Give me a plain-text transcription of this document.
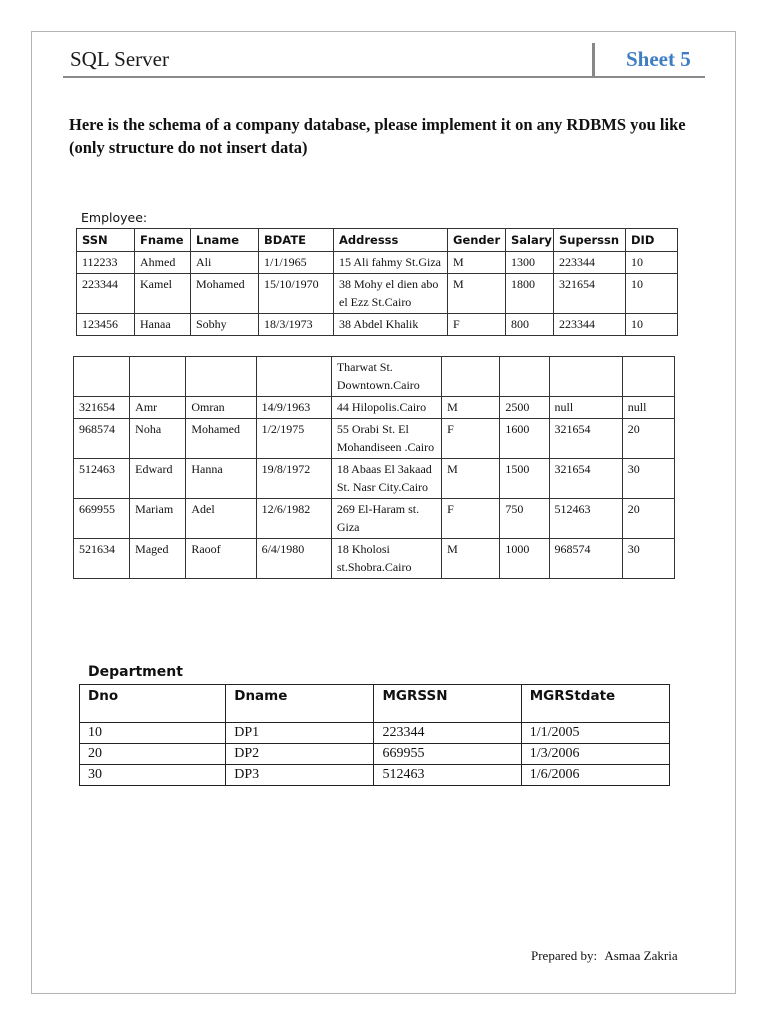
SQL Server	Sheet 5
Here is the schema of a company database, please implement it on any RDBMS you like (only structure do not insert data)
Employee:
SSN	Fname	Lname	BDATE	Addresss	Gender	Salary	Superssn	DID
112233	Ahmed	Ali	1/1/1965	15 Ali fahmy St.Giza	M	1300	223344	10
223344	Kamel	Mohamed	15/10/1970	38 Mohy el dien abo el Ezz St.Cairo	M	1800	321654	10
123456	Hanaa	Sobhy	18/3/1973	38 Abdel Khalik	F	800	223344	10
				Tharwat St. Downtown.Cairo				
321654	Amr	Omran	14/9/1963	44 Hilopolis.Cairo	M	2500	null	null
968574	Noha	Mohamed	1/2/1975	55 Orabi St. El Mohandiseen .Cairo	F	1600	321654	20
512463	Edward	Hanna	19/8/1972	18 Abaas El 3akaad St. Nasr City.Cairo	M	1500	321654	30
669955	Mariam	Adel	12/6/1982	269 El-Haram st. Giza	F	750	512463	20
521634	Maged	Raoof	6/4/1980	18 Kholosi st.Shobra.Cairo	M	1000	968574	30
Department
Dno	Dname	MGRSSN	MGRStdate
10	DP1	223344	1/1/2005
20	DP2	669955	1/3/2006
30	DP3	512463	1/6/2006
Prepared by: Asmaa Zakria
